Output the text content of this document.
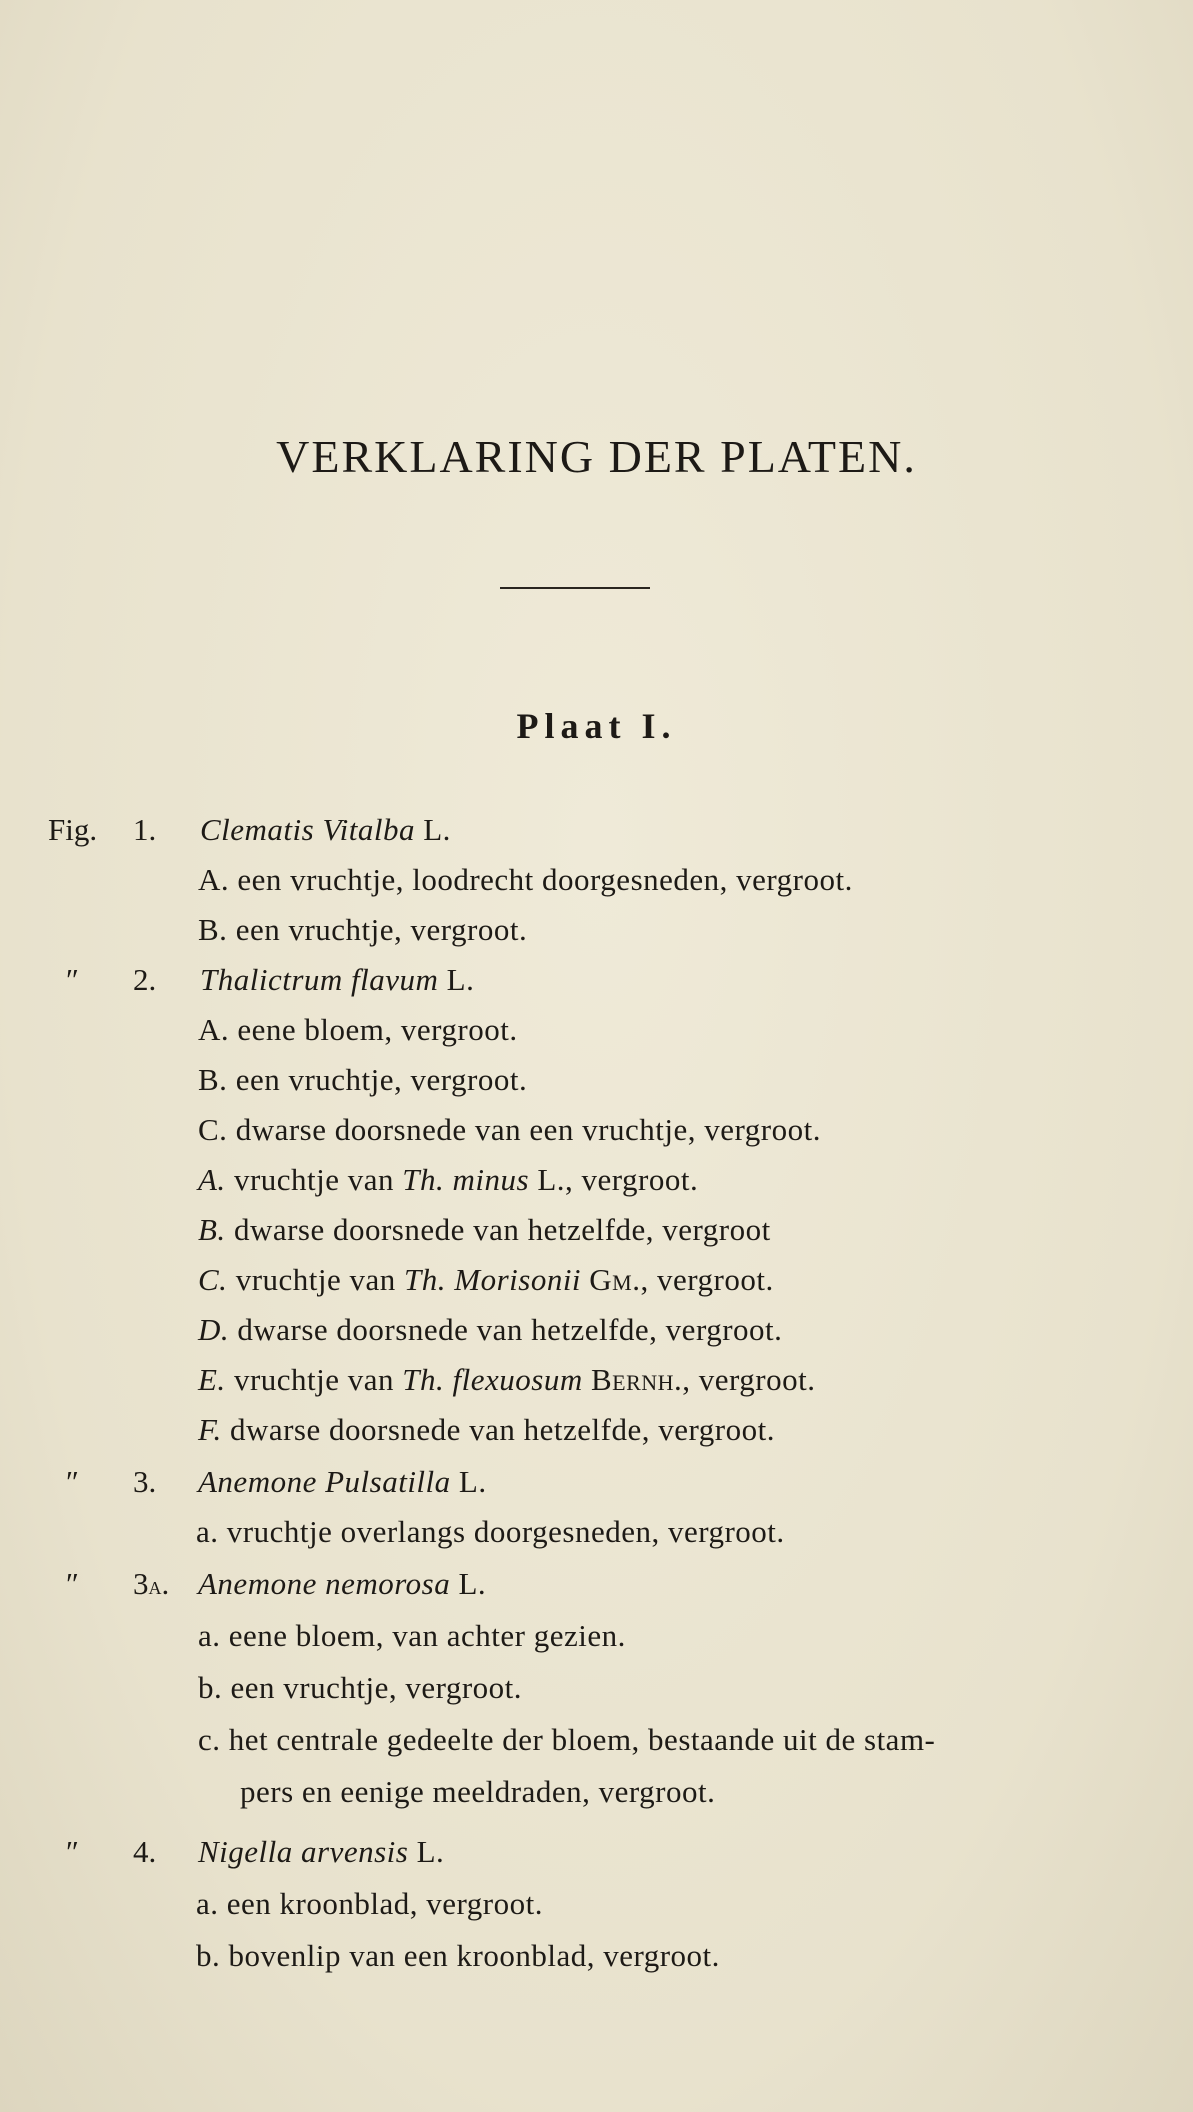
VERKLARING DER PLATEN.
Plaat I.
Fig. 1. Clematis Vitalba L.
A. een vruchtje, loodrecht doorgesneden, vergroot.
B. een vruchtje, vergroot.
″ 2. Thalictrum flavum L.
A. eene bloem, vergroot.
B. een vruchtje, vergroot.
C. dwarse doorsnede van een vruchtje, vergroot.
A. vruchtje van Th. minus L., vergroot.
B. dwarse doorsnede van hetzelfde, vergroot
C. vruchtje van Th. Morisonii Gm., vergroot.
D. dwarse doorsnede van hetzelfde, vergroot.
E. vruchtje van Th. flexuosum Bernh., vergroot.
F. dwarse doorsnede van hetzelfde, vergroot.
″ 3. Anemone Pulsatilla L.
a. vruchtje overlangs doorgesneden, vergroot.
″ 3a. Anemone nemorosa L.
a. eene bloem, van achter gezien.
b. een vruchtje, vergroot.
c. het centrale gedeelte der bloem, bestaande uit de stam-
pers en eenige meeldraden, vergroot.
″ 4. Nigella arvensis L.
a. een kroonblad, vergroot.
b. bovenlip van een kroonblad, vergroot.
